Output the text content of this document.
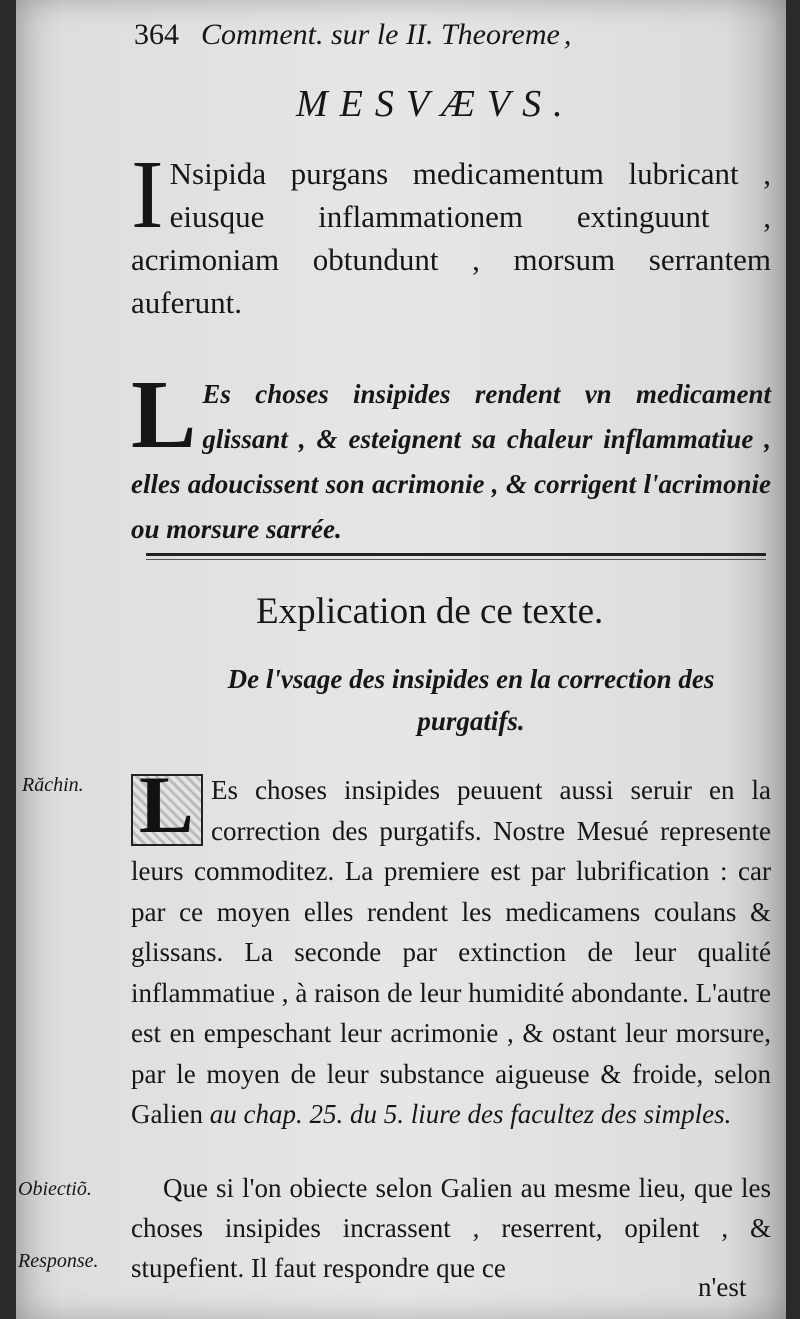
364 Comment. sur le II. Theoreme ,
MESVÆVS.
I Nsipida purgans medicamentum lubricant , eiusque inflammationem extinguunt , acrimoniam obtundunt , morsum serrantem auferunt.
L Es choses insipides rendent vn medicament glissant , & esteignent sa chaleur inflammatiue , elles adoucissent son acrimonie , & corrigent l'acrimonie ou morsure sarrée.
Explication de ce texte.
De l'vsage des insipides en la correction des purgatifs.
Răchin.
Obiectiõ.
Response.
L Es choses insipides peuuent aussi seruir en la correction des purgatifs. Nostre Mesué represente leurs commoditez. La premiere est par lubrification : car par ce moyen elles rendent les medicamens coulans & glissans. La seconde par extinction de leur qualité inflammatiue , à raison de leur humidité abondante. L'autre est en empeschant leur acrimonie , & ostant leur morsure, par le moyen de leur substance aigueuse & froide, selon Galien au chap. 25. du 5. liure des facultez des simples.
Que si l'on obiecte selon Galien au mesme lieu, que les choses insipides incrassent , reserrent, opilent , & stupefient. Il faut respondre que ce
n'est
